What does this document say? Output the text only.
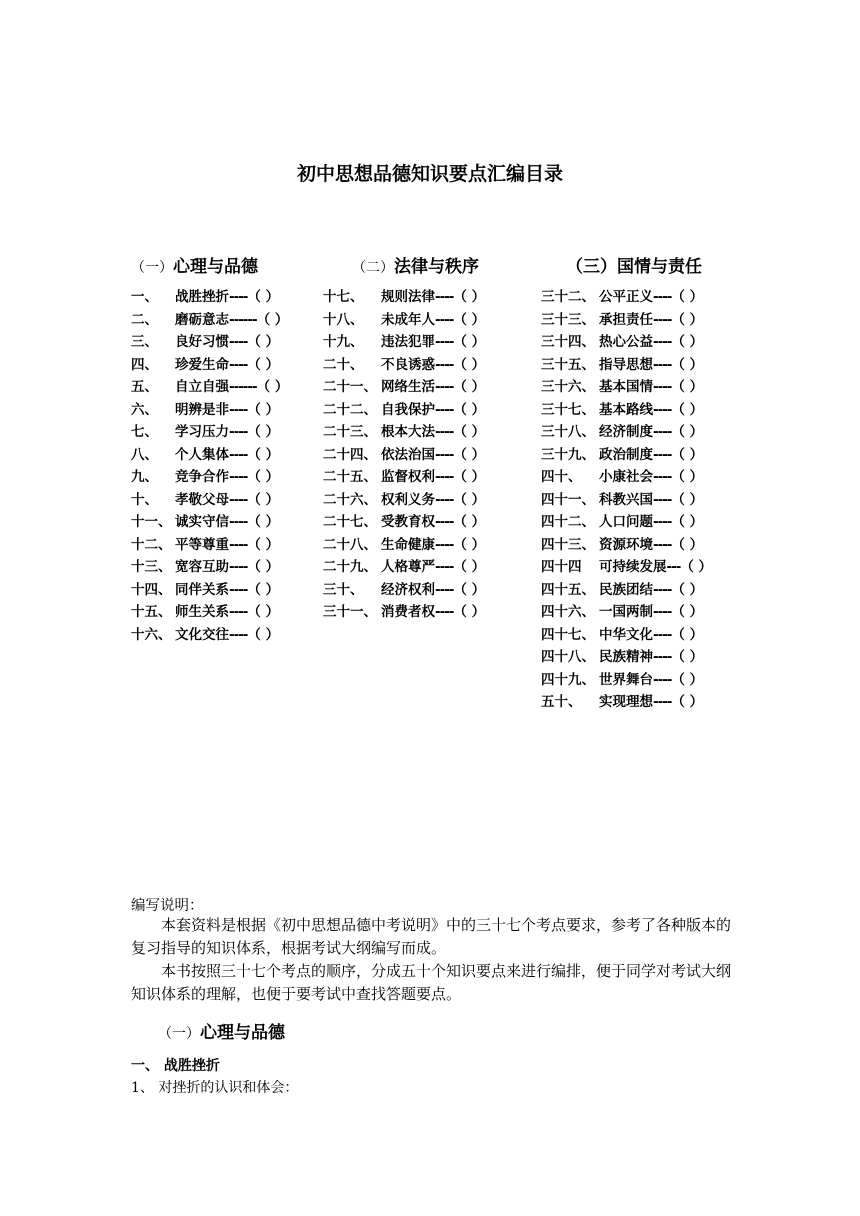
初中思想品德知识要点汇编目录
（一）心理与品德	（二）法律与秩序	（三）国情与责任
一、 战胜挫折----（ ）
二、 磨砺意志------（ ）
三、 良好习惯----（ ）
四、 珍爱生命----（ ）
五、 自立自强------（ ）
六、 明辨是非----（ ）
七、 学习压力----（ ）
八、 个人集体----（ ）
九、 竞争合作----（ ）
十、 孝敬父母----（ ）
十一、 诚实守信----（ ）
十二、 平等尊重----（ ）
十三、 宽容互助----（ ）
十四、 同伴关系----（ ）
十五、 师生关系----（ ）
十六、 文化交往----（ ）
十七、 规则法律----（ ）
十八、 未成年人----（ ）
十九、 违法犯罪----（ ）
二十、 不良诱惑----（ ）
二十一、 网络生活----（ ）
二十二、 自我保护----（ ）
二十三、 根本大法----（ ）
二十四、 依法治国----（ ）
二十五、 监督权利----（ ）
二十六、 权利义务----（ ）
二十七、 受教育权----（ ）
二十八、 生命健康----（ ）
二十九、 人格尊严----（ ）
三十、 经济权利----（ ）
三十一、 消费者权----（ ）
三十二、 公平正义----（ ）
三十三、 承担责任----（ ）
三十四、 热心公益----（ ）
三十五、 指导思想----（ ）
三十六、 基本国情----（ ）
三十七、 基本路线----（ ）
三十八、 经济制度----（ ）
三十九、 政治制度----（ ）
四十、 小康社会----（ ）
四十一、 科教兴国----（ ）
四十二、 人口问题----（ ）
四十三、 资源环境----（ ）
四十四 可持续发展---（ ）
四十五、 民族团结----（ ）
四十六、 一国两制----（ ）
四十七、 中华文化----（ ）
四十八、 民族精神----（ ）
四十九、 世界舞台----（ ）
五十、 实现理想----（ ）
编写说明：

本套资料是根据《初中思想品德中考说明》中的三十七个考点要求，参考了各种版本的复习指导的知识体系，根据考试大纲编写而成。

本书按照三十七个考点的顺序，分成五十个知识要点来进行编排，便于同学对考试大纲知识体系的理解，也便于要考试中查找答题要点。

（一）心理与品德
一、 战胜挫折
1、 对挫折的认识和体会：
